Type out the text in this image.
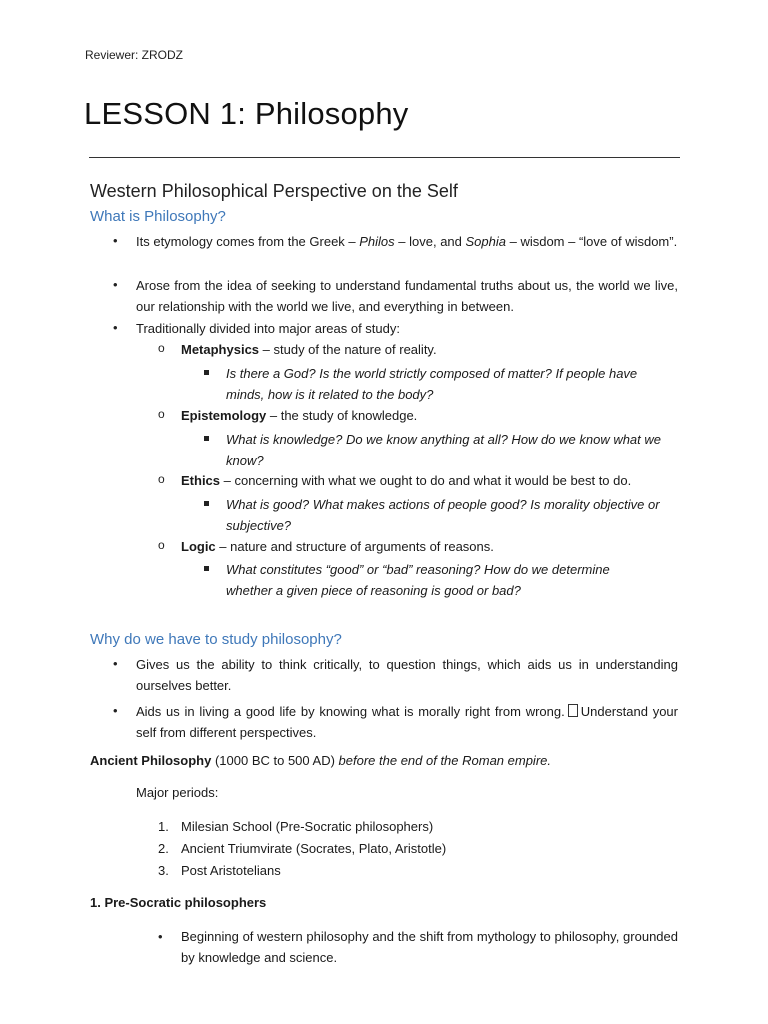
Reviewer: ZRODZ
LESSON 1: Philosophy
Western Philosophical Perspective on the Self
What is Philosophy?
• Its etymology comes from the Greek – Philos – love, and Sophia – wisdom – “love of wisdom”.
• Arose from the idea of seeking to understand fundamental truths about us, the world we live, our relationship with the world we live, and everything in between.
• Traditionally divided into major areas of study:
o Metaphysics – study of the nature of reality.
Is there a God? Is the world strictly composed of matter? If people have minds, how is it related to the body?
o Epistemology – the study of knowledge.
What is knowledge? Do we know anything at all? How do we know what we know?
o Ethics – concerning with what we ought to do and what it would be best to do.
What is good? What makes actions of people good? Is morality objective or subjective?
o Logic – nature and structure of arguments of reasons.
What constitutes “good” or “bad” reasoning? How do we determine whether a given piece of reasoning is good or bad?
Why do we have to study philosophy?
• Gives us the ability to think critically, to question things, which aids us in understanding ourselves better.
• Aids us in living a good life by knowing what is morally right from wrong. Understand your self from different perspectives.
Ancient Philosophy (1000 BC to 500 AD) before the end of the Roman empire.
Major periods:
1. Milesian School (Pre-Socratic philosophers)
2. Ancient Triumvirate (Socrates, Plato, Aristotle)
3. Post Aristotelians
1. Pre-Socratic philosophers
• Beginning of western philosophy and the shift from mythology to philosophy, grounded by knowledge and science.
